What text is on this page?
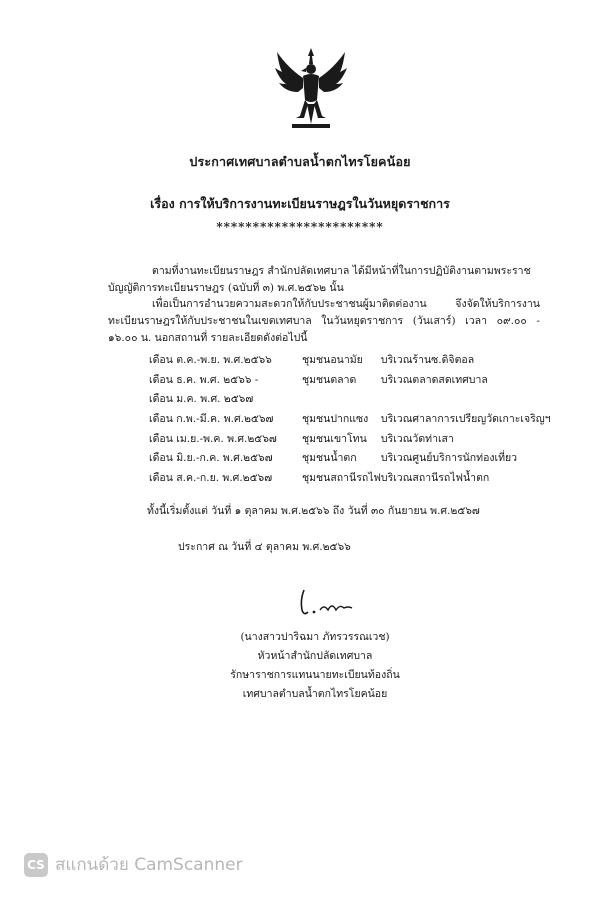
ประกาศเทศบาลตำบลน้ำตกไทรโยคน้อย
เรื่อง การให้บริการงานทะเบียนราษฎรในวันหยุดราชการ
***********************
ตามที่งานทะเบียนราษฎร สำนักปลัดเทศบาล ได้มีหน้าที่ในการปฏิบัติงานตามพระราชบัญญัติการทะเบียนราษฎร (ฉบับที่ ๓) พ.ศ.๒๕๖๒ นั้น
เพื่อเป็นการอำนวยความสะดวกให้กับประชาชนผู้มาติดต่องาน จึงจัดให้บริการงานทะเบียนราษฎรให้กับประชาชนในเขตเทศบาล ในวันหยุดราชการ (วันเสาร์) เวลา ๐๙.๐๐ - ๑๖.๐๐ น. นอกสถานที่ รายละเอียดดังต่อไปนี้
เดือน ต.ค.-พ.ย. พ.ศ.๒๕๖๖	ชุมชนอนามัย	บริเวณร้านซ.ดิจิตอล
เดือน ธ.ค. พ.ศ. ๒๕๖๖ -	ชุมชนตลาด	บริเวณตลาดสดเทศบาล
เดือน ม.ค. พ.ศ. ๒๕๖๗		
เดือน ก.พ.-มี.ค. พ.ศ.๒๕๖๗	ชุมชนปากแซง	บริเวณศาลาการเปรียญวัดเกาะเจริญฯ
เดือน เม.ย.-พ.ค. พ.ศ.๒๕๖๗	ชุมชนเขาโทน	บริเวณวัดท่าเสา
เดือน มิ.ย.-ก.ค. พ.ศ.๒๕๖๗	ชุมชนน้ำตก	บริเวณศูนย์บริการนักท่องเที่ยว
เดือน ส.ค.-ก.ย. พ.ศ.๒๕๖๗	ชุมชนสถานีรถไฟ	บริเวณสถานีรถไฟน้ำตก
ทั้งนี้เริ่มตั้งแต่ วันที่ ๑ ตุลาคม พ.ศ.๒๕๖๖ ถึง วันที่ ๓๐ กันยายน พ.ศ.๒๕๖๗
ประกาศ ณ วันที่ ๔ ตุลาคม พ.ศ.๒๕๖๖
(นางสาวปาริฉมา ภัทรวรรณเวช)
หัวหน้าสำนักปลัดเทศบาล
รักษาราชการแทนนายทะเบียนท้องถิ่น
เทศบาลตำบลน้ำตกไทรโยคน้อย
CS สแกนด้วย CamScanner
